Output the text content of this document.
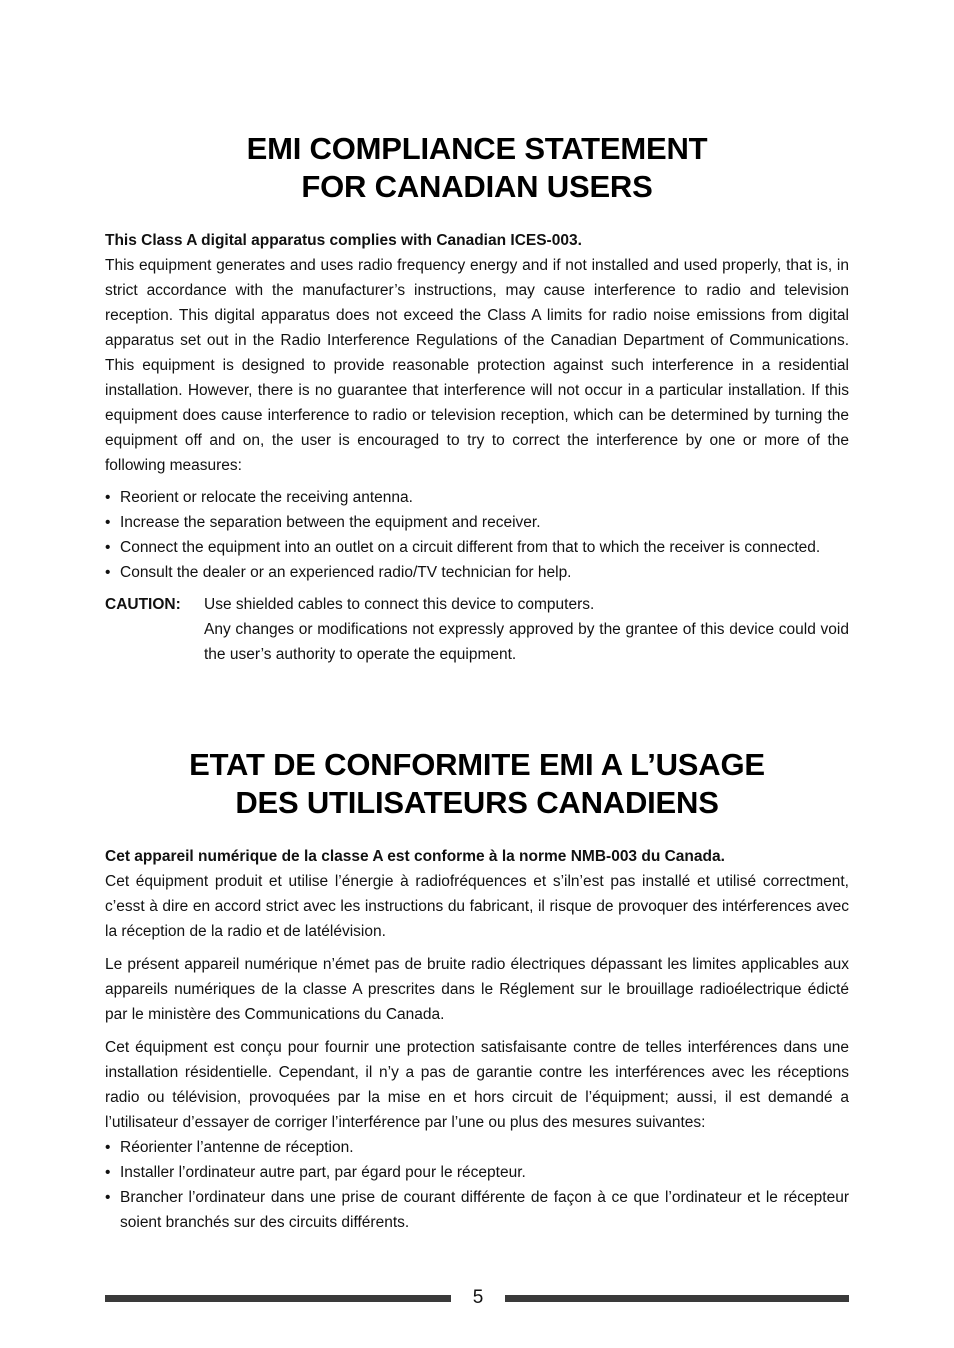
EMI COMPLIANCE STATEMENT
FOR CANADIAN USERS

This Class A digital apparatus complies with Canadian ICES-003.

This equipment generates and uses radio frequency energy and if not installed and used properly, that is, in strict accordance with the manufacturer’s instructions, may cause interference to radio and television reception. This digital apparatus does not exceed the Class A limits for radio noise emissions from digital apparatus set out in the Radio Interference Regulations of the Canadian Department of Communications. This equipment is designed to provide reasonable protection against such interference in a residential installation. However, there is no guarantee that interference will not occur in a particular installation. If this equipment does cause interference to radio or television reception, which can be determined by turning the equipment off and on, the user is encouraged to try to correct the interference by one or more of the following measures:

• Reorient or relocate the receiving antenna.
• Increase the separation between the equipment and receiver.
• Connect the equipment into an outlet on a circuit different from that to which the receiver is connected.
• Consult the dealer or an experienced radio/TV technician for help.
CAUTION:	Use shielded cables to connect this device to computers.

Any changes or modifications not expressly approved by the grantee of this device could void the user’s authority to operate the equipment.

ETAT DE CONFORMITE EMI A L’USAGE
DES UTILISATEURS CANADIENS

Cet appareil numérique de la classe A est conforme à la norme NMB-003 du Canada.

Cet équipment produit et utilise l’énergie à radiofréquences et s’iln’est pas installé et utilisé correctment, c’esst à dire en accord strict avec les instructions du fabricant, il risque de provoquer des intérferences avec la réception de la radio et de latélévision.

Le présent appareil numérique n’émet pas de bruite radio électriques dépassant les limites applicables aux appareils numériques de la classe A prescrites dans le Réglement sur le brouillage radioélectrique édicté par le ministère des Communications du Canada.

Cet équipment est conçu pour fournir une protection satisfaisante contre de telles interférences dans une installation résidentielle. Cependant, il n’y a pas de garantie contre les interférences avec les réceptions radio ou télévision, provoquées par la mise en et hors circuit de l’équipment; aussi, il est demandé a l’utilisateur d’essayer de corriger l’interférence par l’une ou plus des mesures suivantes:

• Réorienter l’antenne de réception.
• Installer l’ordinateur autre part, par égard pour le récepteur.
• Brancher l’ordinateur dans une prise de courant différente de façon à ce que l’ordinateur et le récepteur soient branchés sur des circuits différents.
5
